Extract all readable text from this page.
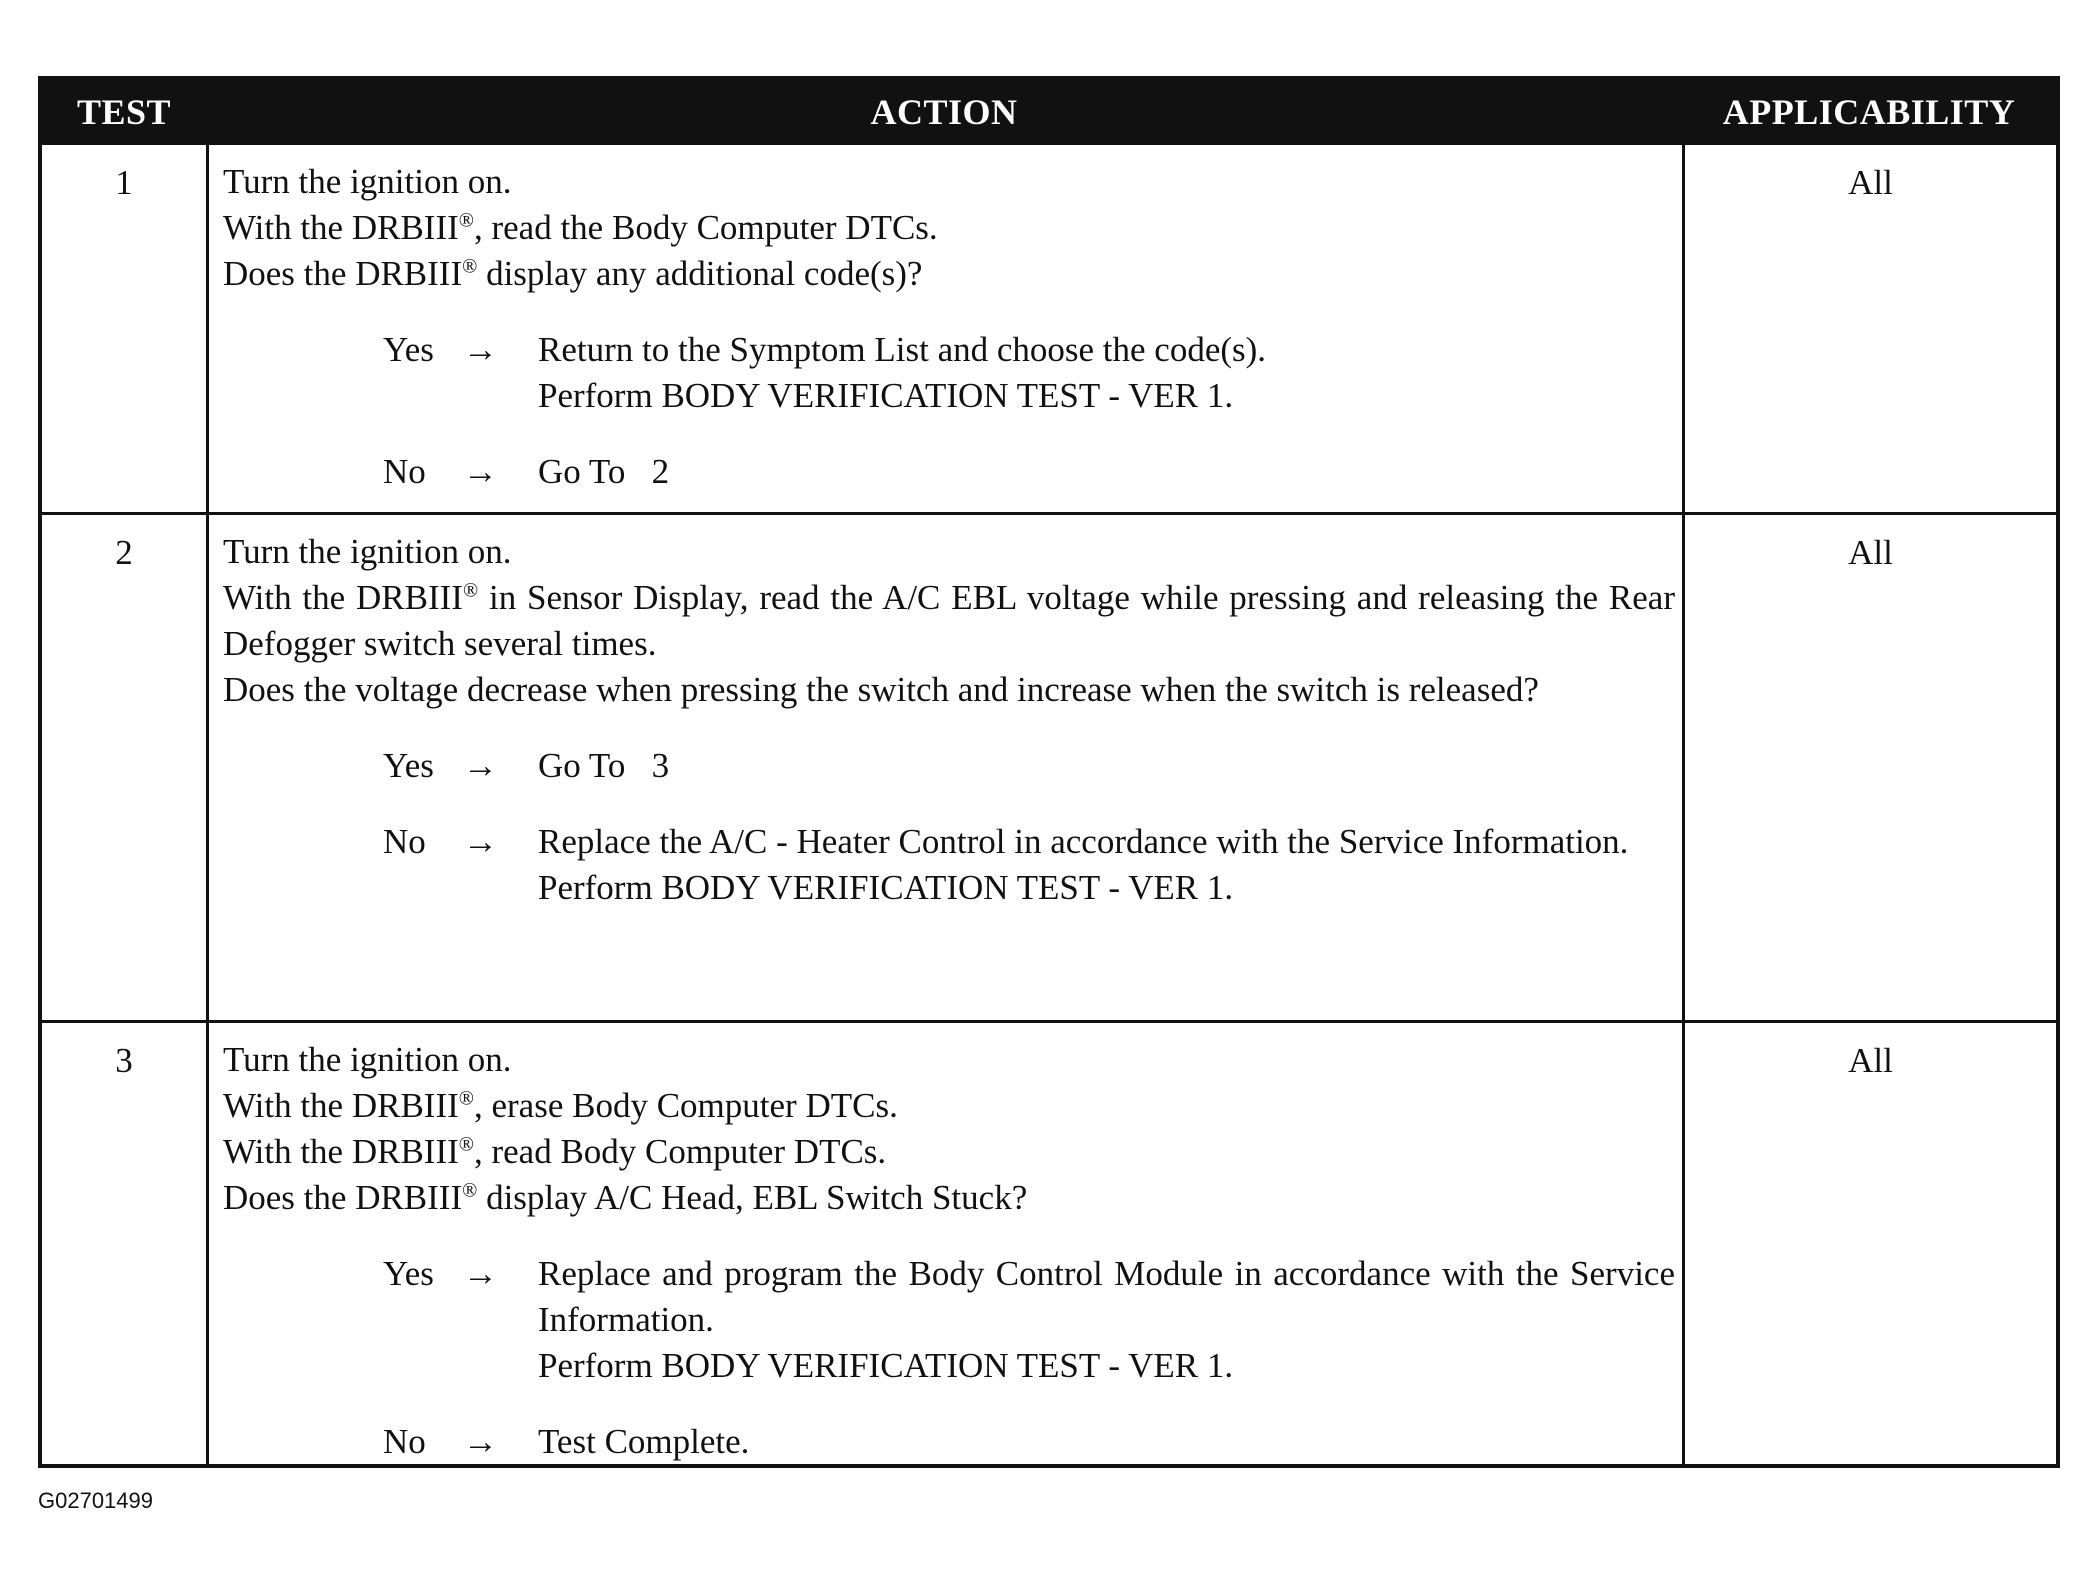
TEST	ACTION	APPLICABILITY
1	Turn the ignition on.
With the DRBIII®, read the Body Computer DTCs.
Does the DRBIII® display any additional code(s)?
Yes →	Return to the Symptom List and choose the code(s).
Perform BODY VERIFICATION TEST - VER 1.
No	→	Go To   2
All
2	Turn the ignition on.
With the DRBIII® in Sensor Display, read the A/C EBL voltage while pressing and releasing the Rear Defogger switch several times.
Does the voltage decrease when pressing the switch and increase when the switch is released?
Yes →	Go To   3
No	→	Replace the A/C - Heater Control in accordance with the Service Information.
Perform BODY VERIFICATION TEST - VER 1.
All
3	Turn the ignition on.
With the DRBIII®, erase Body Computer DTCs.
With the DRBIII®, read Body Computer DTCs.
Does the DRBIII® display A/C Head, EBL Switch Stuck?
Yes →	Replace and program the Body Control Module in accordance with the Service Information.
Perform BODY VERIFICATION TEST - VER 1.
No	→	Test Complete.
All
G02701499
